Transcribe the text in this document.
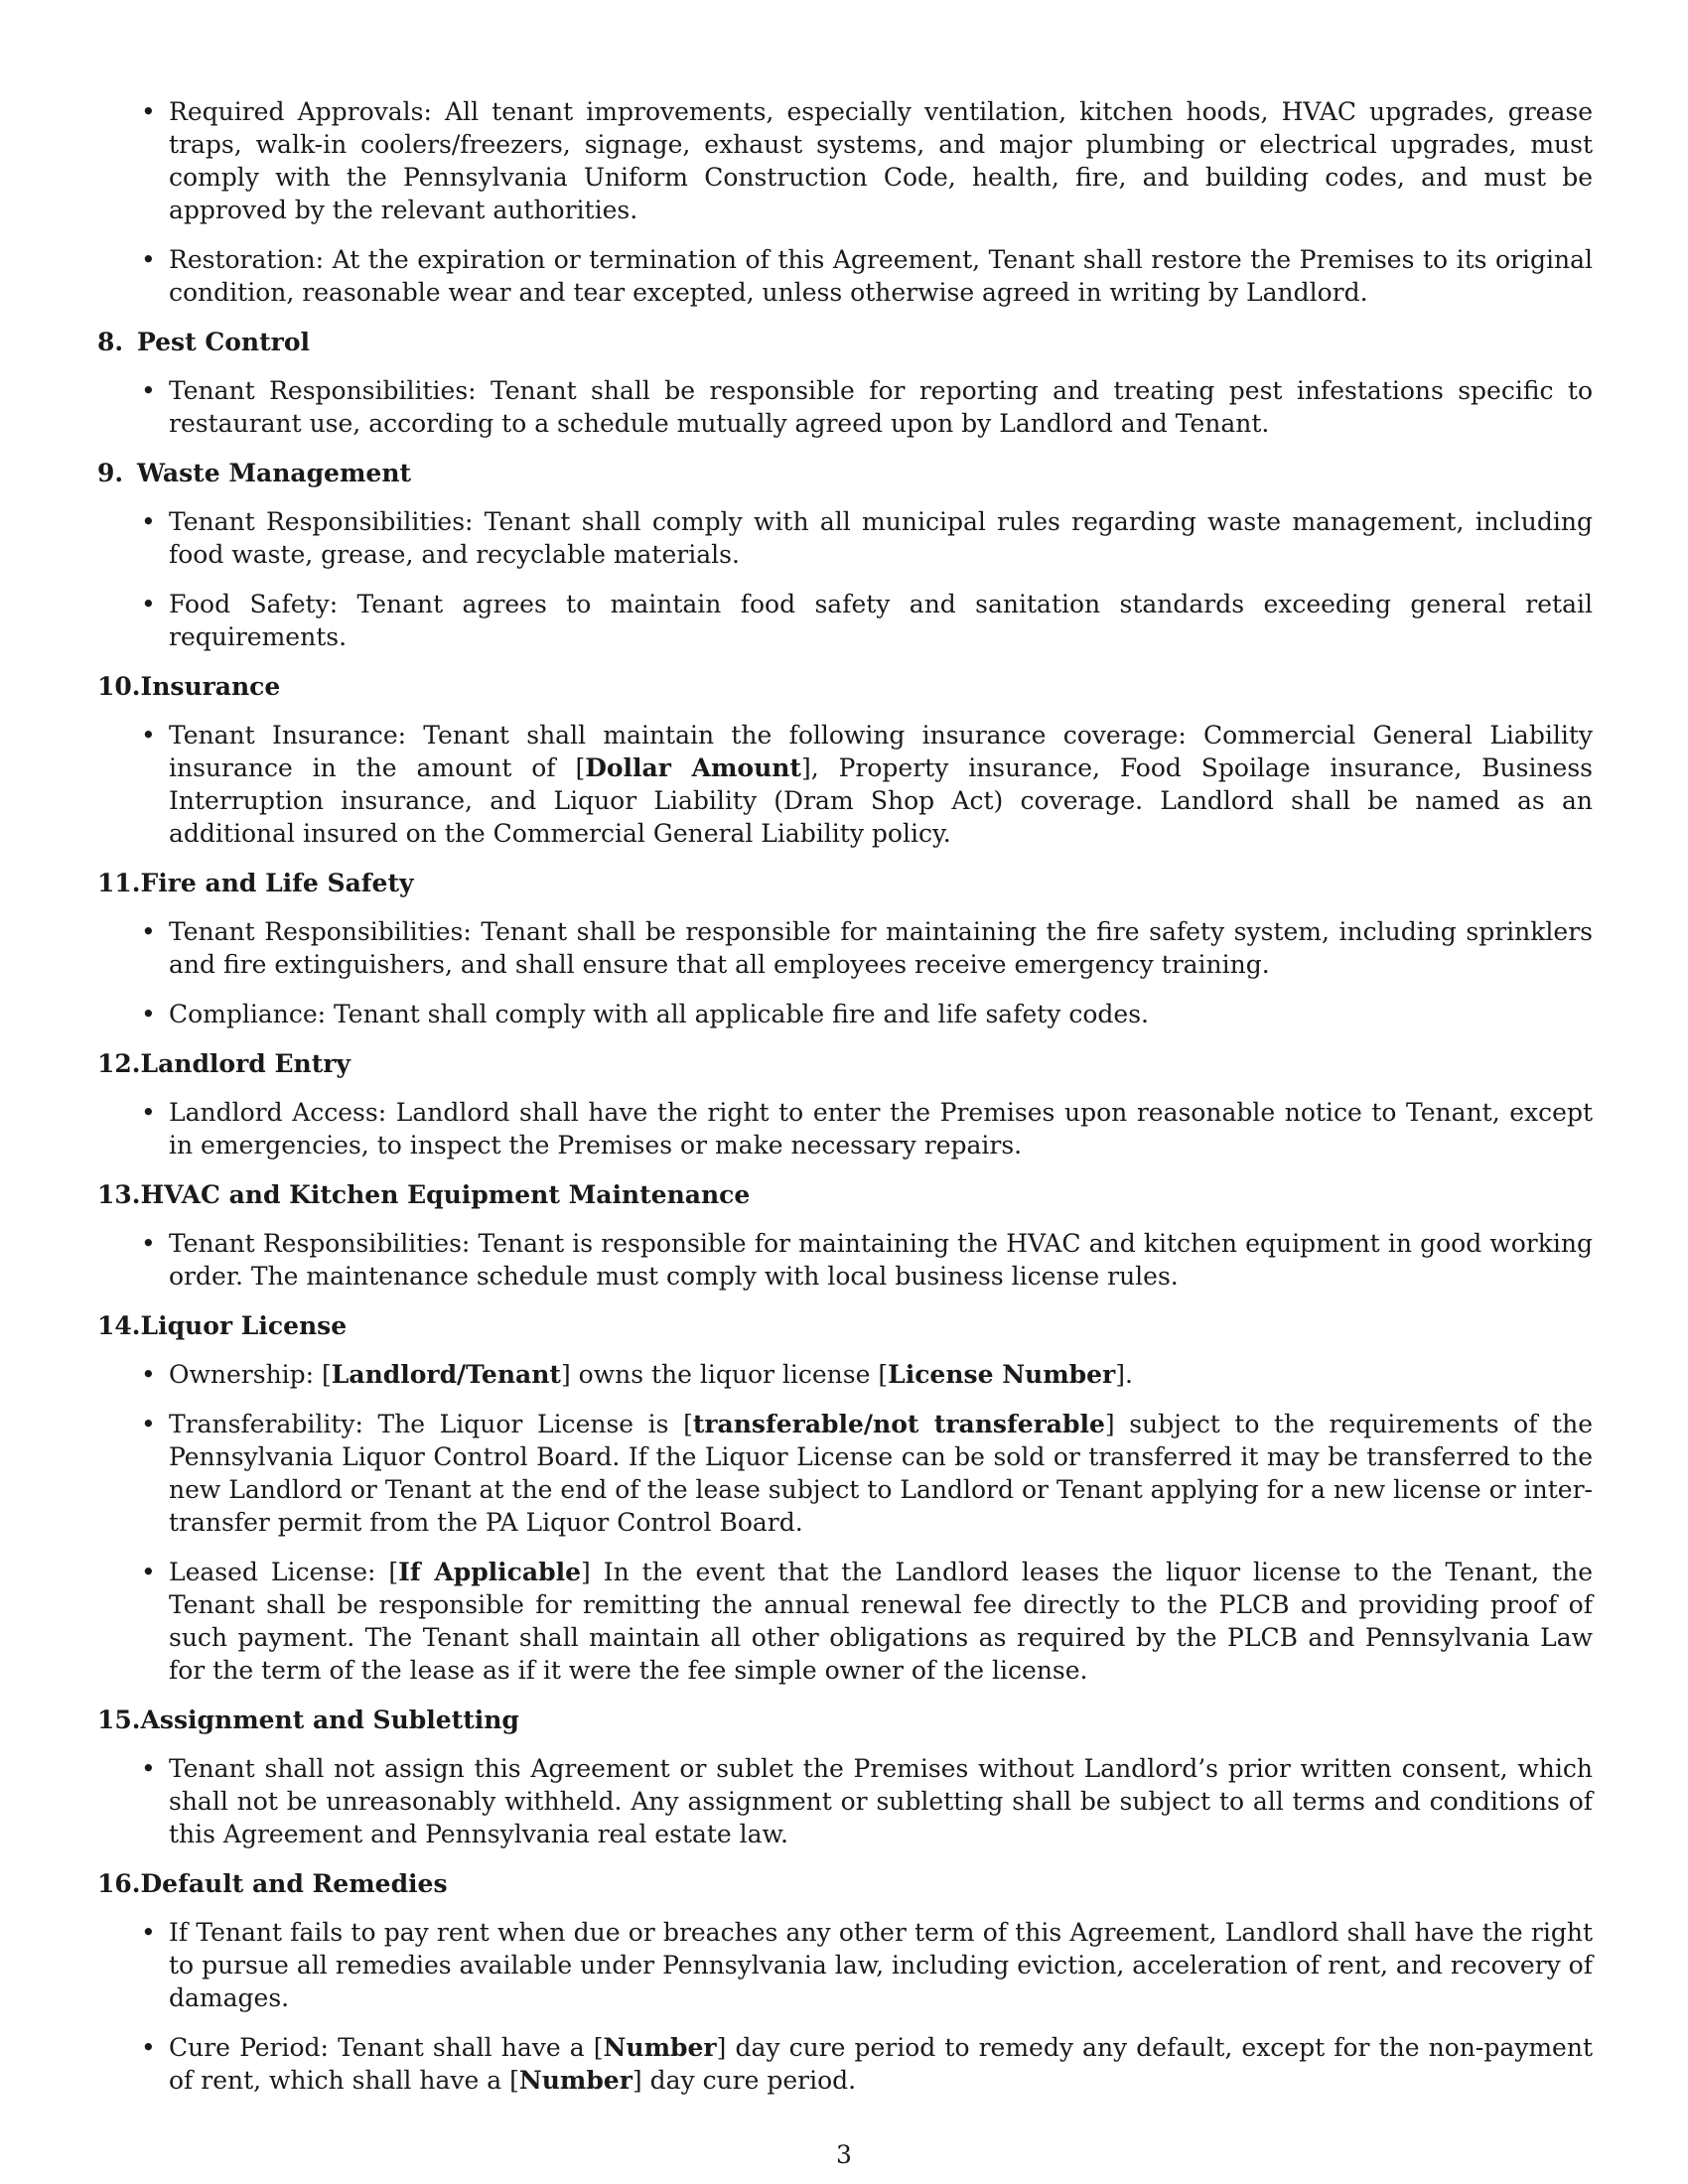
• Required Approvals: All tenant improvements, especially ventilation, kitchen hoods, HVAC upgrades, grease traps, walk-in coolers/freezers, signage, exhaust systems, and major plumbing or electrical upgrades, must comply with the Pennsylvania Uniform Construction Code, health, fire, and building codes, and must be approved by the relevant authorities.
• Restoration: At the expiration or termination of this Agreement, Tenant shall restore the Premises to its original condition, reasonable wear and tear excepted, unless otherwise agreed in writing by Landlord.
8. Pest Control
• Tenant Responsibilities: Tenant shall be responsible for reporting and treating pest infestations specific to restaurant use, according to a schedule mutually agreed upon by Landlord and Tenant.
9. Waste Management
• Tenant Responsibilities: Tenant shall comply with all municipal rules regarding waste management, including food waste, grease, and recyclable materials.
• Food Safety: Tenant agrees to maintain food safety and sanitation standards exceeding general retail requirements.
10.Insurance
• Tenant Insurance: Tenant shall maintain the following insurance coverage: Commercial General Liability insurance in the amount of [Dollar Amount], Property insurance, Food Spoilage insurance, Business Interruption insurance, and Liquor Liability (Dram Shop Act) coverage. Landlord shall be named as an additional insured on the Commercial General Liability policy.
11.Fire and Life Safety
• Tenant Responsibilities: Tenant shall be responsible for maintaining the fire safety system, including sprinklers and fire extinguishers, and shall ensure that all employees receive emergency training.
• Compliance: Tenant shall comply with all applicable fire and life safety codes.
12.Landlord Entry
• Landlord Access: Landlord shall have the right to enter the Premises upon reasonable notice to Tenant, except in emergencies, to inspect the Premises or make necessary repairs.
13.HVAC and Kitchen Equipment Maintenance
• Tenant Responsibilities: Tenant is responsible for maintaining the HVAC and kitchen equipment in good working order. The maintenance schedule must comply with local business license rules.
14.Liquor License
• Ownership: [Landlord/Tenant] owns the liquor license [License Number].
• Transferability: The Liquor License is [transferable/not transferable] subject to the requirements of the Pennsylvania Liquor Control Board. If the Liquor License can be sold or transferred it may be transferred to the new Landlord or Tenant at the end of the lease subject to Landlord or Tenant applying for a new license or inter-transfer permit from the PA Liquor Control Board.
• Leased License: [If Applicable] In the event that the Landlord leases the liquor license to the Tenant, the Tenant shall be responsible for remitting the annual renewal fee directly to the PLCB and providing proof of such payment. The Tenant shall maintain all other obligations as required by the PLCB and Pennsylvania Law for the term of the lease as if it were the fee simple owner of the license.
15.Assignment and Subletting
• Tenant shall not assign this Agreement or sublet the Premises without Landlord’s prior written consent, which shall not be unreasonably withheld. Any assignment or subletting shall be subject to all terms and conditions of this Agreement and Pennsylvania real estate law.
16.Default and Remedies
• If Tenant fails to pay rent when due or breaches any other term of this Agreement, Landlord shall have the right to pursue all remedies available under Pennsylvania law, including eviction, acceleration of rent, and recovery of damages.
• Cure Period: Tenant shall have a [Number] day cure period to remedy any default, except for the non-payment of rent, which shall have a [Number] day cure period.
3
